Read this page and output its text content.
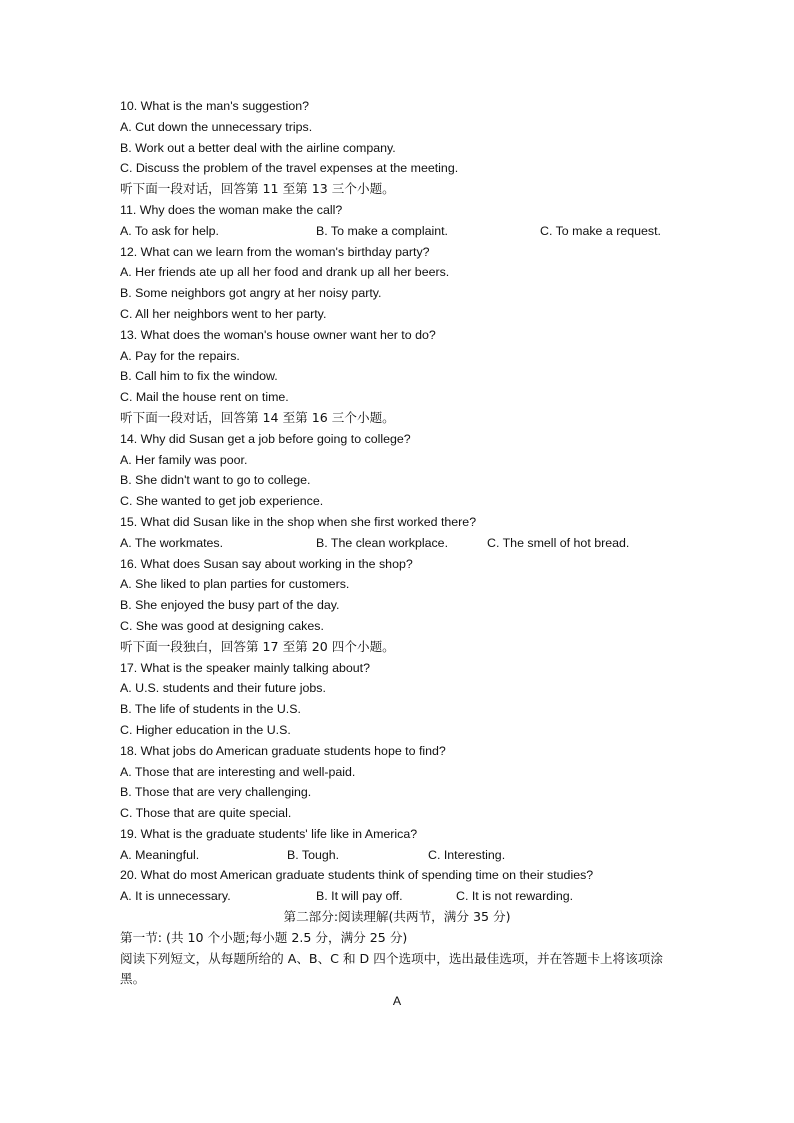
10. What is the man's suggestion?
A. Cut down the unnecessary trips.
B. Work out a better deal with the airline company.
C. Discuss the problem of the travel expenses at the meeting.
听下面一段对话，回答第 11 至第 13 三个小题。
11. Why does the woman make the call?
A. To ask for help.	B. To make a complaint.	C. To make a request.
12. What can we learn from the woman's birthday party?
A. Her friends ate up all her food and drank up all her beers.
B. Some neighbors got angry at her noisy party.
C. All her neighbors went to her party.
13. What does the woman's house owner want her to do?
A. Pay for the repairs.
B. Call him to fix the window.
C. Mail the house rent on time.
听下面一段对话，回答第 14 至第 16 三个小题。
14. Why did Susan get a job before going to college?
A. Her family was poor.
B. She didn't want to go to college.
C. She wanted to get job experience.
15. What did Susan like in the shop when she first worked there?
A. The workmates.	B. The clean workplace.	C. The smell of hot bread.
16. What does Susan say about working in the shop?
A. She liked to plan parties for customers.
B. She enjoyed the busy part of the day.
C. She was good at designing cakes.
听下面一段独白，回答第 17 至第 20 四个小题。
17. What is the speaker mainly talking about?
A. U.S. students and their future jobs.
B. The life of students in the U.S.
C. Higher education in the U.S.
18. What jobs do American graduate students hope to find?
A. Those that are interesting and well-paid.
B. Those that are very challenging.
C. Those that are quite special.
19. What is the graduate students' life like in America?
A. Meaningful.	B. Tough.	C. Interesting.
20. What do most American graduate students think of spending time on their studies?
A. It is unnecessary.	B. It will pay off.	C. It is not rewarding.
第二部分:阅读理解(共两节，满分 35 分)
第一节: (共 10 个小题;每小题 2.5 分，满分 25 分)
阅读下列短文，从每题所给的 A、B、C 和 D 四个选项中，选出最佳选项，并在答题卡上将该项涂黑。
A
